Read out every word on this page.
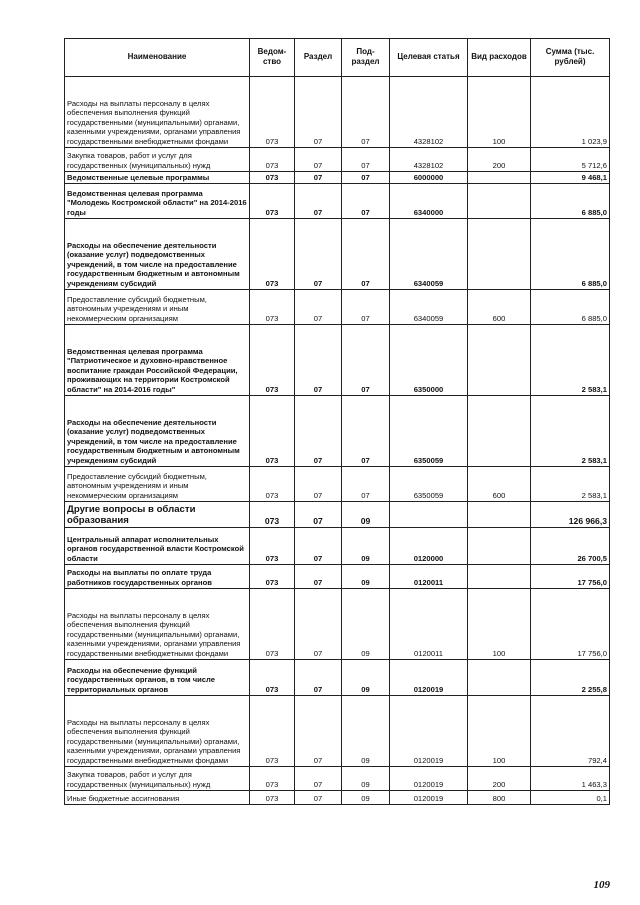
Наименование	Ведом-ство	Раздел	Под-раздел	Целевая статья	Вид расходов	Сумма (тыс. рублей)
Расходы на выплаты персоналу в целях обеспечения выполнения функций государственными (муниципальными) органами, казенными учреждениями, органами управления государственными внебюджетными фондами	073	07	07	4328102	100	1 023,9
Закупка товаров, работ и услуг для государственных (муниципальных) нужд	073	07	07	4328102	200	5 712,6
Ведомственные целевые программы	073	07	07	6000000		9 468,1
Ведомственная целевая программа "Молодежь Костромской области" на 2014-2016 годы	073	07	07	6340000		6 885,0
Расходы на обеспечение деятельности (оказание услуг) подведомственных учреждений, в том числе на предоставление государственным бюджетным и автономным учреждениям субсидий	073	07	07	6340059		6 885,0
Предоставление субсидий бюджетным, автономным учреждениям и иным некоммерческим организациям	073	07	07	6340059	600	6 885,0
Ведомственная целевая программа "Патриотическое и духовно-нравственное воспитание граждан Российской Федерации, проживающих на территории Костромской области" на 2014-2016 годы"	073	07	07	6350000		2 583,1
Расходы на обеспечение деятельности (оказание услуг) подведомственных учреждений, в том числе на предоставление государственным бюджетным и автономным учреждениям субсидий	073	07	07	6350059		2 583,1
Предоставление субсидий бюджетным, автономным учреждениям и иным некоммерческим организациям	073	07	07	6350059	600	2 583,1
Другие вопросы в области образования	073	07	09			126 966,3
Центральный аппарат исполнительных органов государственной власти Костромской области	073	07	09	0120000		26 700,5
Расходы на выплаты по оплате труда работников государственных органов	073	07	09	0120011		17 756,0
Расходы на выплаты персоналу в целях обеспечения выполнения функций государственными (муниципальными) органами, казенными учреждениями, органами управления государственными внебюджетными фондами	073	07	09	0120011	100	17 756,0
Расходы на обеспечение функций государственных органов, в том числе территориальных органов	073	07	09	0120019		2 255,8
Расходы на выплаты персоналу в целях обеспечения выполнения функций государственными (муниципальными) органами, казенными учреждениями, органами управления государственными внебюджетными фондами	073	07	09	0120019	100	792,4
Закупка товаров, работ и услуг для государственных (муниципальных) нужд	073	07	09	0120019	200	1 463,3
Иные бюджетные ассигнования	073	07	09	0120019	800	0,1
109
